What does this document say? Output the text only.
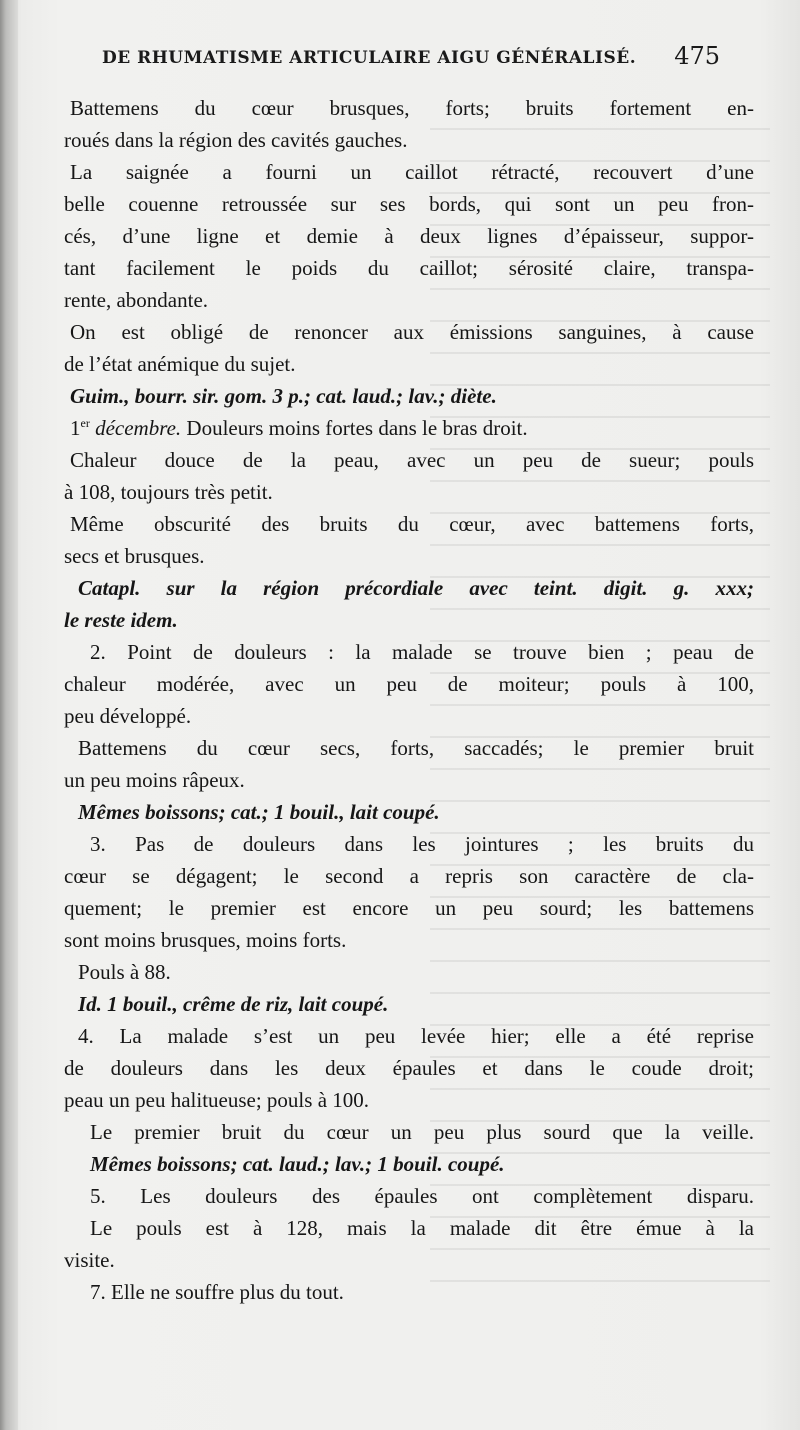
DE RHUMATISME ARTICULAIRE AIGU GÉNÉRALISÉ. 475
Battemens du cœur brusques, forts; bruits fortement en-
roués dans la région des cavités gauches.
La saignée a fourni un caillot rétracté, recouvert d’une
belle couenne retroussée sur ses bords, qui sont un peu fron-
cés, d’une ligne et demie à deux lignes d’épaisseur, suppor-
tant facilement le poids du caillot; sérosité claire, transpa-
rente, abondante.
On est obligé de renoncer aux émissions sanguines, à cause
de l’état anémique du sujet.
Guim., bourr. sir. gom. 3 p.; cat. laud.; lav.; diète.
1er décembre. Douleurs moins fortes dans le bras droit.
Chaleur douce de la peau, avec un peu de sueur; pouls
à 108, toujours très petit.
Même obscurité des bruits du cœur, avec battemens forts,
secs et brusques.
Catapl. sur la région précordiale avec teint. digit. g. xxx;
le reste idem.
2. Point de douleurs : la malade se trouve bien ; peau de
chaleur modérée, avec un peu de moiteur; pouls à 100,
peu développé.
Battemens du cœur secs, forts, saccadés; le premier bruit
un peu moins râpeux.
Mêmes boissons; cat.; 1 bouil., lait coupé.
3. Pas de douleurs dans les jointures ; les bruits du
cœur se dégagent; le second a repris son caractère de cla-
quement; le premier est encore un peu sourd; les battemens
sont moins brusques, moins forts.
Pouls à 88.
Id. 1 bouil., crême de riz, lait coupé.
4. La malade s’est un peu levée hier; elle a été reprise
de douleurs dans les deux épaules et dans le coude droit;
peau un peu halitueuse; pouls à 100.
Le premier bruit du cœur un peu plus sourd que la veille.
Mêmes boissons; cat. laud.; lav.; 1 bouil. coupé.
5. Les douleurs des épaules ont complètement disparu.
Le pouls est à 128, mais la malade dit être émue à la
visite.
7. Elle ne souffre plus du tout.
